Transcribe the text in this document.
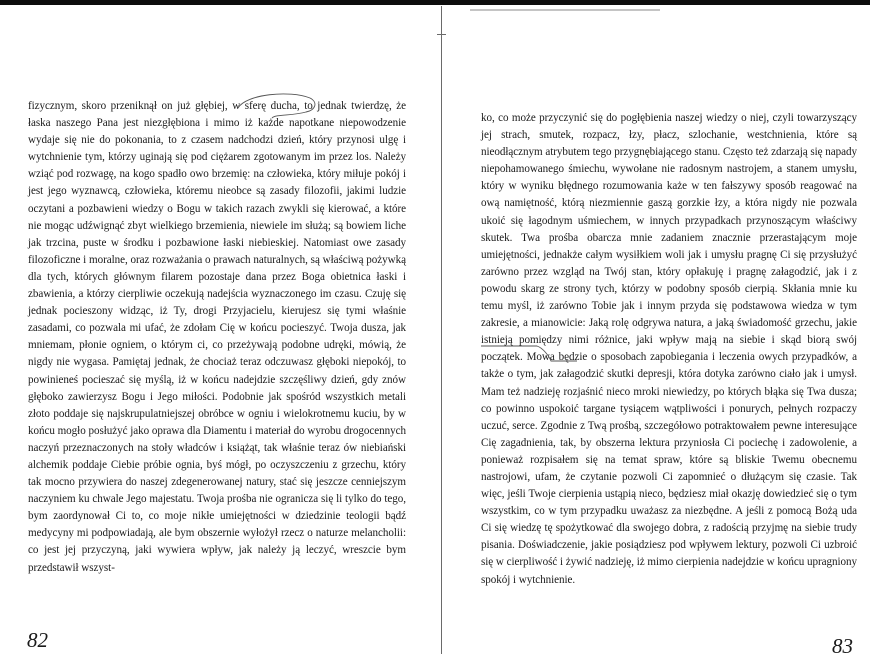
fizycznym, skoro przeniknął on już głębiej, w sferę ducha, to jednak twierdzę, że łaska naszego Pana jest niezgłębiona i mimo iż każde napotkane niepowodzenie wydaje się nie do pokonania, to z czasem nadchodzi dzień, który przynosi ulgę i wytchnienie tym, którzy uginają się pod ciężarem zgotowanym im przez los. Należy wziąć pod rozwagę, na kogo spadło owo brzemię: na człowieka, który miłuje pokój i jest jego wyznawcą, człowieka, któremu nieobce są zasady filozofii, jakimi ludzie oczytani a pozbawieni wiedzy o Bogu w takich razach zwykli się kierować, a które nie mogąc udźwignąć zbyt wielkiego brzemienia, niewiele im służą; są bowiem liche jak trzcina, puste w środku i pozbawione łaski niebieskiej. Natomiast owe zasady filozoficzne i moralne, oraz rozważania o prawach naturalnych, są właściwą pożywką dla tych, których głównym filarem pozostaje dana przez Boga obietnica łaski i zbawienia, a którzy cierpliwie oczekują nadejścia wyznaczonego im czasu. Czuję się jednak pocieszony widząc, iż Ty, drogi Przyjacielu, kierujesz się tymi właśnie zasadami, co pozwala mi ufać, że zdołam Cię w końcu pocieszyć. Twoja dusza, jak mniemam, płonie ogniem, o którym ci, co przeżywają podobne udręki, mówią, że nigdy nie wygasa. Pamiętaj jednak, że chociaż teraz odczuwasz głęboki niepokój, to powinieneś pocieszać się myślą, iż w końcu nadejdzie szczęśliwy dzień, gdy znów głęboko zawierzysz Bogu i Jego miłości. Podobnie jak spośród wszystkich metali złoto poddaje się najskrupulatniejszej obróbce w ogniu i wielokrotnemu kuciu, by w końcu mogło posłużyć jako oprawa dla Diamentu i materiał do wyrobu drogocennych naczyń przeznaczonych na stoły władców i książąt, tak właśnie teraz ów niebiański alchemik poddaje Ciebie próbie ognia, byś mógł, po oczyszczeniu z grzechu, który tak mocno przywiera do naszej zdegenerowanej natury, stać się jeszcze cenniejszym naczyniem ku chwale Jego majestatu. Twoja prośba nie ogranicza się li tylko do tego, bym zaordynował Ci to, co moje nikłe umiejętności w dziedzinie teologii bądź medycyny mi podpowiadają, ale bym obszernie wyłożył rzecz o naturze melancholii: co jest jej przyczyną, jaki wywiera wpływ, jak należy ją leczyć, wreszcie bym przedstawił wszyst-

ko, co może przyczynić się do pogłębienia naszej wiedzy o niej, czyli towarzyszący jej strach, smutek, rozpacz, łzy, płacz, szlochanie, westchnienia, które są nieodłącznym atrybutem tego przygnębiającego stanu. Często też zdarzają się napady niepohamowanego śmiechu, wywołane nie radosnym nastrojem, a stanem umysłu, który w wyniku błędnego rozumowania każe w ten fałszywy sposób reagować na ową namiętność, którą niezmiennie gaszą gorzkie łzy, a która nigdy nie pozwala ukoić się łagodnym uśmiechem, w innych przypadkach przynoszącym właściwy skutek. Twa prośba obarcza mnie zadaniem znacznie przerastającym moje umiejętności, jednakże całym wysiłkiem woli jak i umysłu pragnę Ci się przysłużyć zarówno przez wzgląd na Twój stan, który opłakuję i pragnę załagodzić, jak i z powodu skarg ze strony tych, którzy w podobny sposób cierpią. Skłania mnie ku temu myśl, iż zarówno Tobie jak i innym przyda się podstawowa wiedza w tym zakresie, a mianowicie: Jaką rolę odgrywa natura, a jaką świadomość grzechu, jakie istnieją pomiędzy nimi różnice, jaki wpływ mają na siebie i skąd biorą swój początek. Mowa będzie o sposobach zapobiegania i leczenia owych przypadków, a także o tym, jak załagodzić skutki depresji, która dotyka zarówno ciało jak i umysł. Mam też nadzieję rozjaśnić nieco mroki niewiedzy, po których błąka się Twa dusza; co powinno uspokoić targane tysiącem wątpliwości i ponurych, pełnych rozpaczy uczuć, serce. Zgodnie z Twą prośbą, szczegółowo potraktowałem pewne interesujące Cię zagadnienia, tak, by obszerna lektura przyniosła Ci pociechę i zadowolenie, a ponieważ rozpisałem się na temat spraw, które są bliskie Twemu obecnemu nastrojowi, ufam, że czytanie pozwoli Ci zapomnieć o dłużącym się czasie. Tak więc, jeśli Twoje cierpienia ustąpią nieco, będziesz miał okazję dowiedzieć się o tym wszystkim, co w tym przypadku uważasz za niezbędne. A jeśli z pomocą Bożą uda Ci się wiedzę tę spożytkować dla swojego dobra, z radością przyjmę na siebie trudy pisania. Doświadczenie, jakie posiądziesz pod wpływem lektury, pozwoli Ci uzbroić się w cierpliwość i żywić nadzieję, iż mimo cierpienia nadejdzie w końcu upragniony spokój i wytchnienie.

82	83
